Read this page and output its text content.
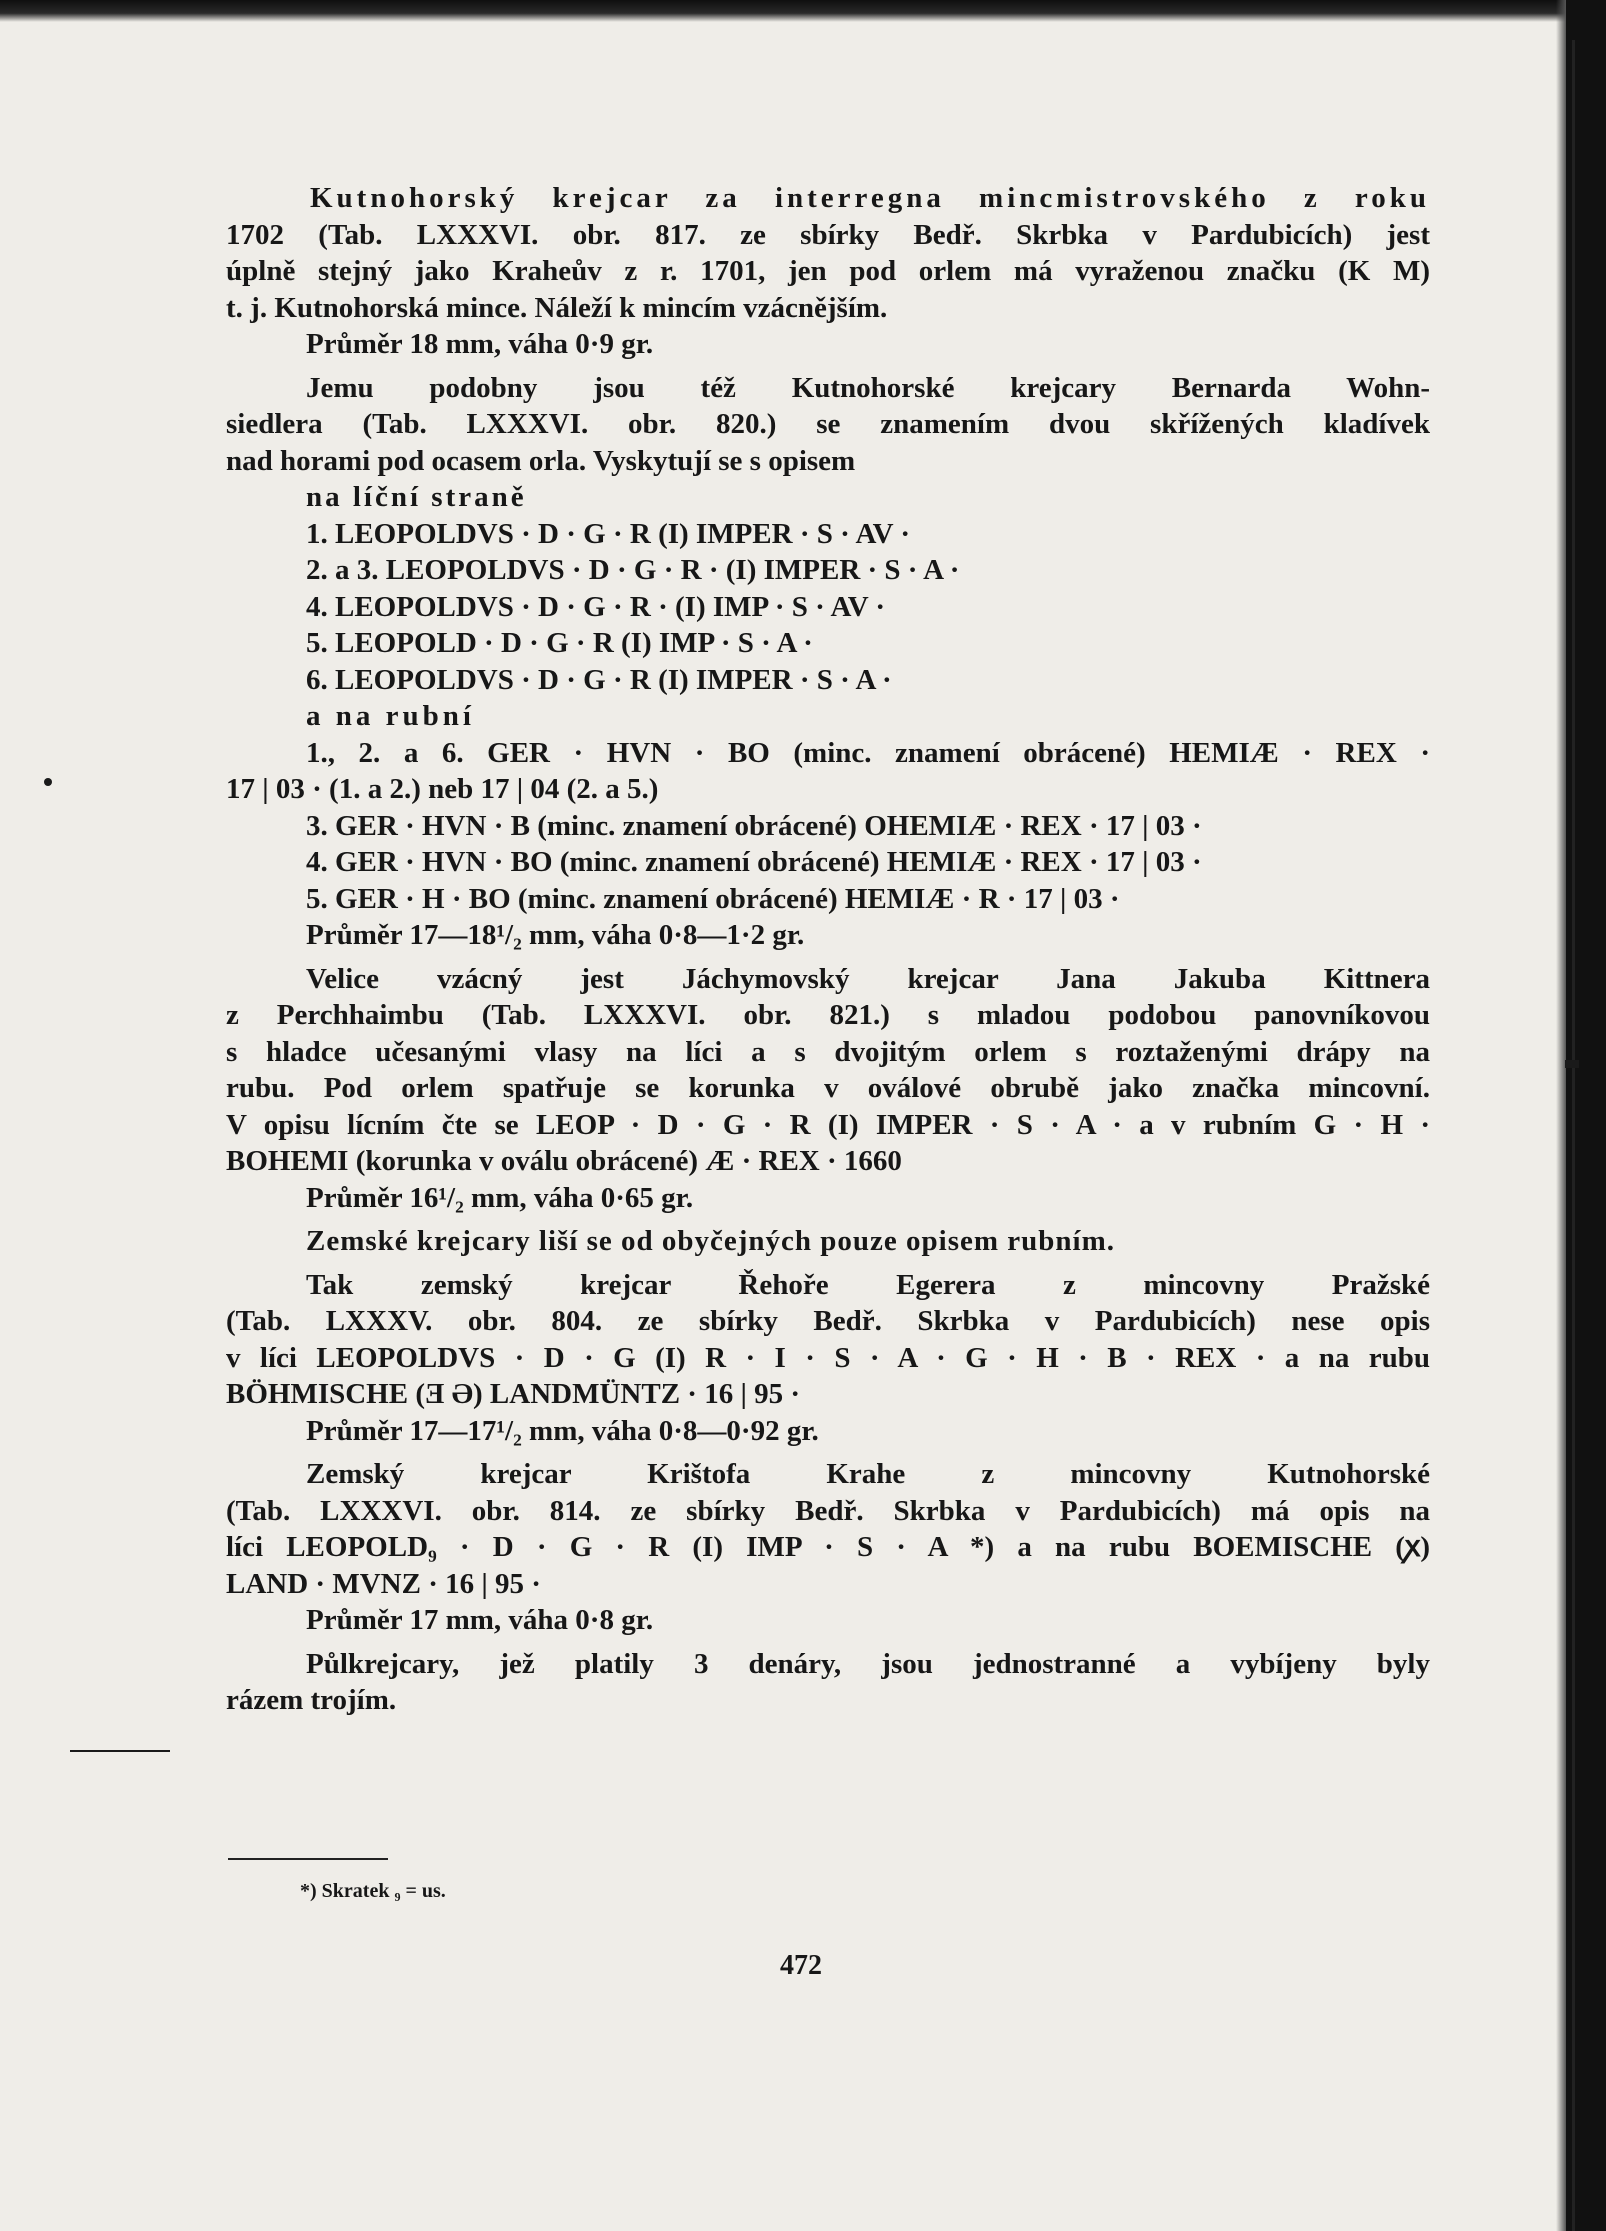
Kutnohorský krejcar za interregna mincmistrovského z roku
1702 (Tab. LXXXVI. obr. 817. ze sbírky Bedř. Skrbka v Pardubicích) jest
úplně stejný jako Krahеův z r. 1701, jen pod orlem má vyraženou značku (K M)
t. j. Kutnohorská mince. Náleží k mincím vzácnějším.
Průměr 18 mm, váha 0·9 gr.
Jemu podobny jsou též Kutnohorské krejcary Bernarda Wohn-
siedlera (Tab. LXXXVI. obr. 820.) se znamením dvou skřížených kladívek
nad horami pod ocasem orla. Vyskytují se s opisem
na líční straně
1. LEOPOLDVS · D · G · R (I) IMPER · S · AV ·
2. a 3. LEOPOLDVS · D · G · R · (I) IMPER · S · A ·
4. LEOPOLDVS · D · G · R · (I) IMP · S · AV ·
5. LEOPOLD · D · G · R (I) IMP · S · A ·
6. LEOPOLDVS · D · G · R (I) IMPER · S · A ·
a na rubní
1., 2. a 6. GER · HVN · BO (minc. znamení obrácené) HEMIÆ · REX ·
17 | 03 · (1. a 2.) neb 17 | 04 (2. a 5.)
3. GER · HVN · B (minc. znamení obrácené) OHEMIÆ · REX · 17 | 03 ·
4. GER · HVN · BO (minc. znamení obrácené) HEMIÆ · REX · 17 | 03 ·
5. GER · H · BO (minc. znamení obrácené) HEMIÆ · R · 17 | 03 ·
Průměr 17—18¹/₂ mm, váha 0·8—1·2 gr.
Velice vzácný jest Jáchymovský krejcar Jana Jakuba Kittnera
z Perchhaimbu (Tab. LXXXVI. obr. 821.) s mladou podobou panovníkovou
s hladce učesanými vlasy na líci a s dvojitým orlem s roztaženými drápy na
rubu. Pod orlem spatřuje se korunka v oválové obrubě jako značka mincovní.
V opisu lícním čte se LEOP · D · G · R (I) IMPER · S · A · a v rubním G · H ·
BOHEMI (korunka v oválu obrácené) Æ · REX · 1660
Průměr 16¹/₂ mm, váha 0·65 gr.
Zemské krejcary liší se od obyčejných pouze opisem rubním.
Tak zemský krejcar Řehoře Egerera z mincovny Pražské
(Tab. LXXXV. obr. 804. ze sbírky Bedř. Skrbka v Pardubicích) nese opis
v líci LEOPOLDVS · D · G (I) R · I · S · A · G · H · B · REX · a na rubu
BÖHMISCHE (Ǝ Ə) LANDMÜNTZ · 16 | 95 ·
Průměr 17—17¹/₂ mm, váha 0·8—0·92 gr.
Zemský krejcar Krištofa Krahe z mincovny Kutnohorské
(Tab. LXXXVI. obr. 814. ze sbírky Bedř. Skrbka v Pardubicích) má opis na
líci LEOPOLD₉ · D · G · R (I) IMP · S · A *) a na rubu BOEMISCHE (ꭗ)
LAND · MVNZ · 16 | 95 ·
Průměr 17 mm, váha 0·8 gr.
Půlkrejcary, jež platily 3 denáry, jsou jednostranné a vybíjeny byly
rázem trojím.
*) Skratek ₉ = us.
472
